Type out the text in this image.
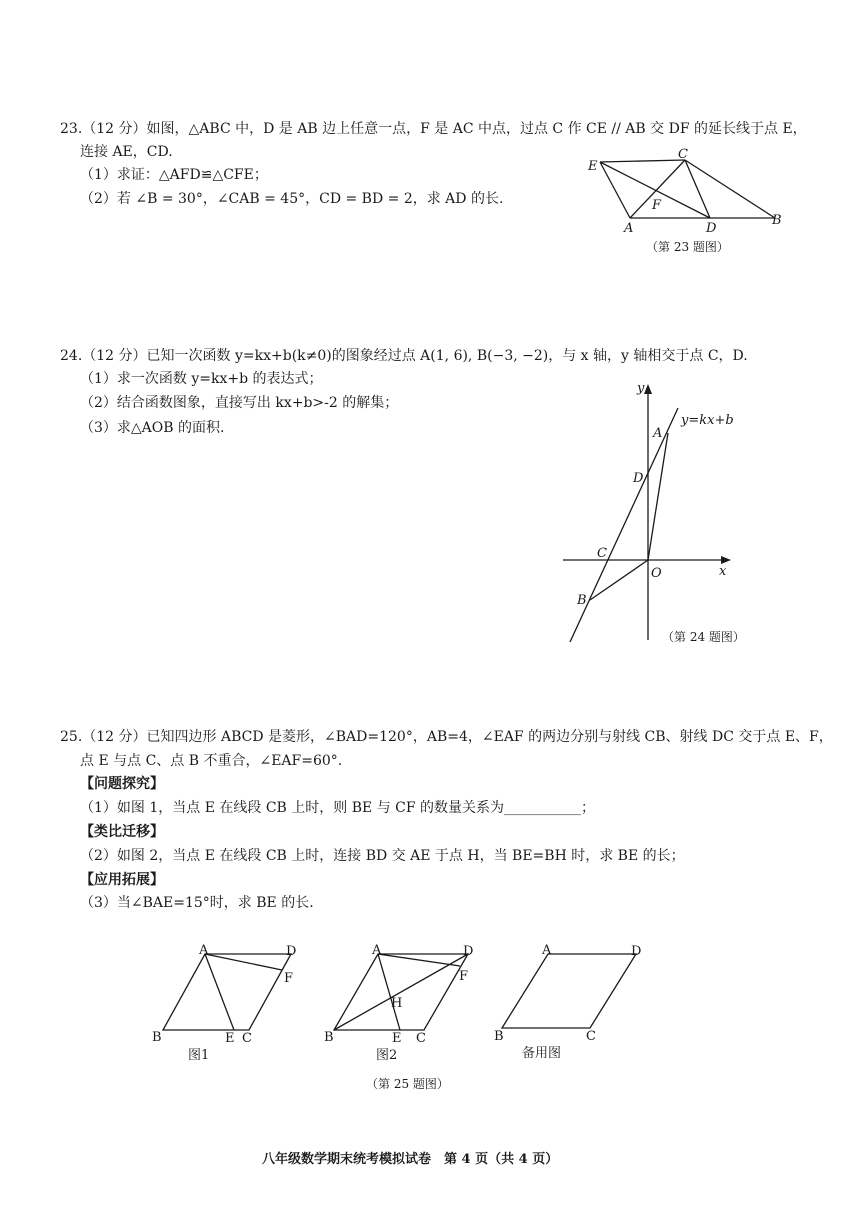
23.（12 分）如图，△ABC 中，D 是 AB 边上任意一点，F 是 AC 中点，过点 C 作 CE // AB 交 DF 的延长线于点 E，
连接 AE，CD.
（1）求证：△AFD≌△CFE；
（2）若 ∠B = 30°，∠CAB = 45°，CD = BD = 2，求 AD 的长.
E
C
F
A	D
B
（第 23 题图）
24.（12 分）已知一次函数 y=kx+b(k≠0)的图象经过点 A(1, 6), B(−3, −2)，与 x 轴，y 轴相交于点 C，D.
（1）求一次函数 y=kx+b 的表达式；
（2）结合函数图象，直接写出 kx+b>-2 的解集；
（3）求△AOB 的面积.
y
x
O
A
B
C
D
y=kx+b
（第 24 题图）
25.（12 分）已知四边形 ABCD 是菱形，∠BAD=120°，AB=4，∠EAF 的两边分别与射线 CB、射线 DC 交于点 E、F，
点 E 与点 C、点 B 不重合，∠EAF=60°.
【问题探究】
（1）如图 1，当点 E 在线段 CB 上时，则 BE 与 CF 的数量关系为___________；
【类比迁移】
（2）如图 2，当点 E 在线段 CB 上时，连接 BD 交 AE 于点 H，当 BE=BH 时，求 BE 的长；
【应用拓展】
（3）当∠BAE=15°时，求 BE 的长.
A	D
F
B	E C
图1
A	D
F
H
B	E C
图2
A	D
B	C
备用图
（第 25 题图）
八年级数学期末统考模拟试卷　第 4 页（共 4 页）
